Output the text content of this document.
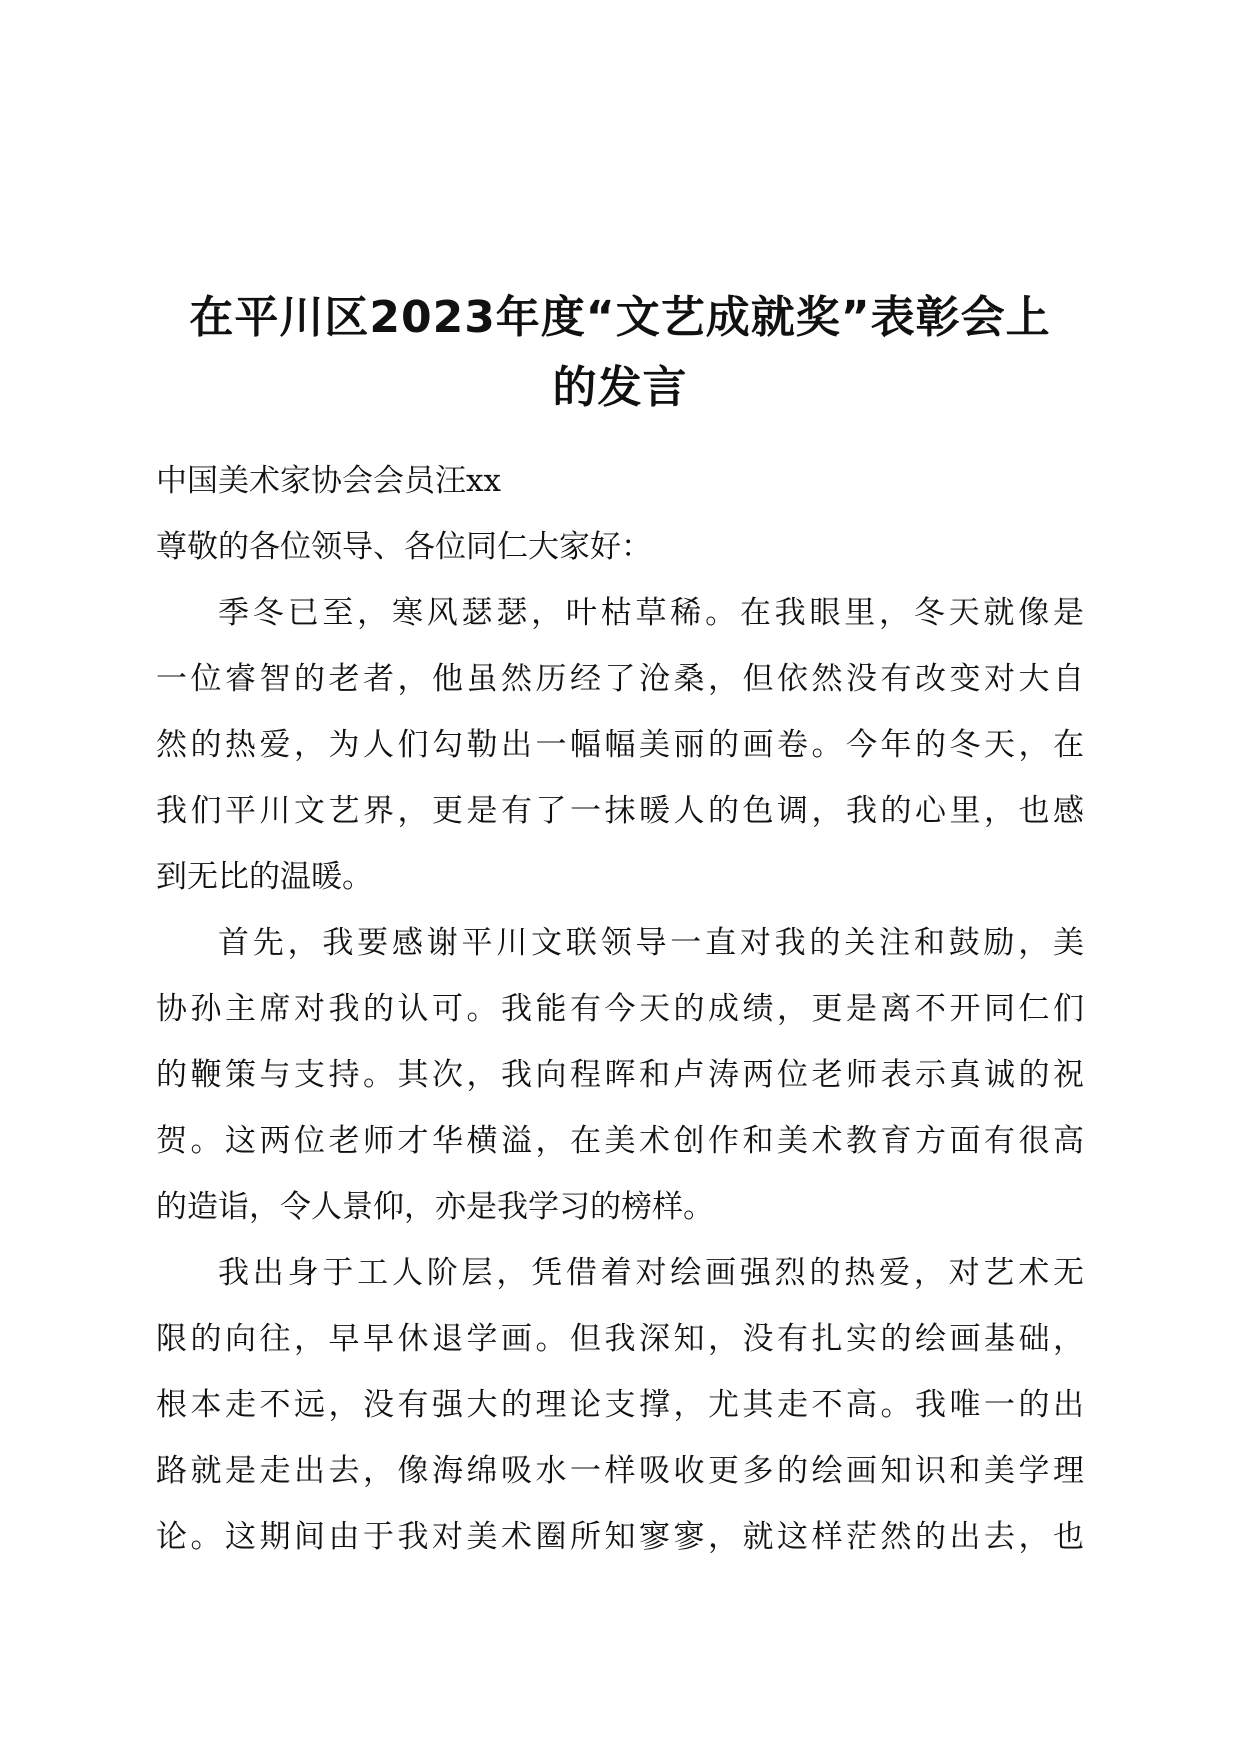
在平川区2023年度“文艺成就奖”表彰会上
的发言
中国美术家协会会员汪xx
尊敬的各位领导、各位同仁大家好：
季冬已至，寒风瑟瑟，叶枯草稀。在我眼里，冬天就像是
一位睿智的老者，他虽然历经了沧桑，但依然没有改变对大自
然的热爱，为人们勾勒出一幅幅美丽的画卷。今年的冬天，在
我们平川文艺界，更是有了一抹暖人的色调，我的心里，也感
到无比的温暖。
首先，我要感谢平川文联领导一直对我的关注和鼓励，美
协孙主席对我的认可。我能有今天的成绩，更是离不开同仁们
的鞭策与支持。其次，我向程晖和卢涛两位老师表示真诚的祝
贺。这两位老师才华横溢，在美术创作和美术教育方面有很高
的造诣，令人景仰，亦是我学习的榜样。
我出身于工人阶层，凭借着对绘画强烈的热爱，对艺术无
限的向往，早早休退学画。但我深知，没有扎实的绘画基础，
根本走不远，没有强大的理论支撑，尤其走不高。我唯一的出
路就是走出去，像海绵吸水一样吸收更多的绘画知识和美学理
论。这期间由于我对美术圈所知寥寥，就这样茫然的出去，也
